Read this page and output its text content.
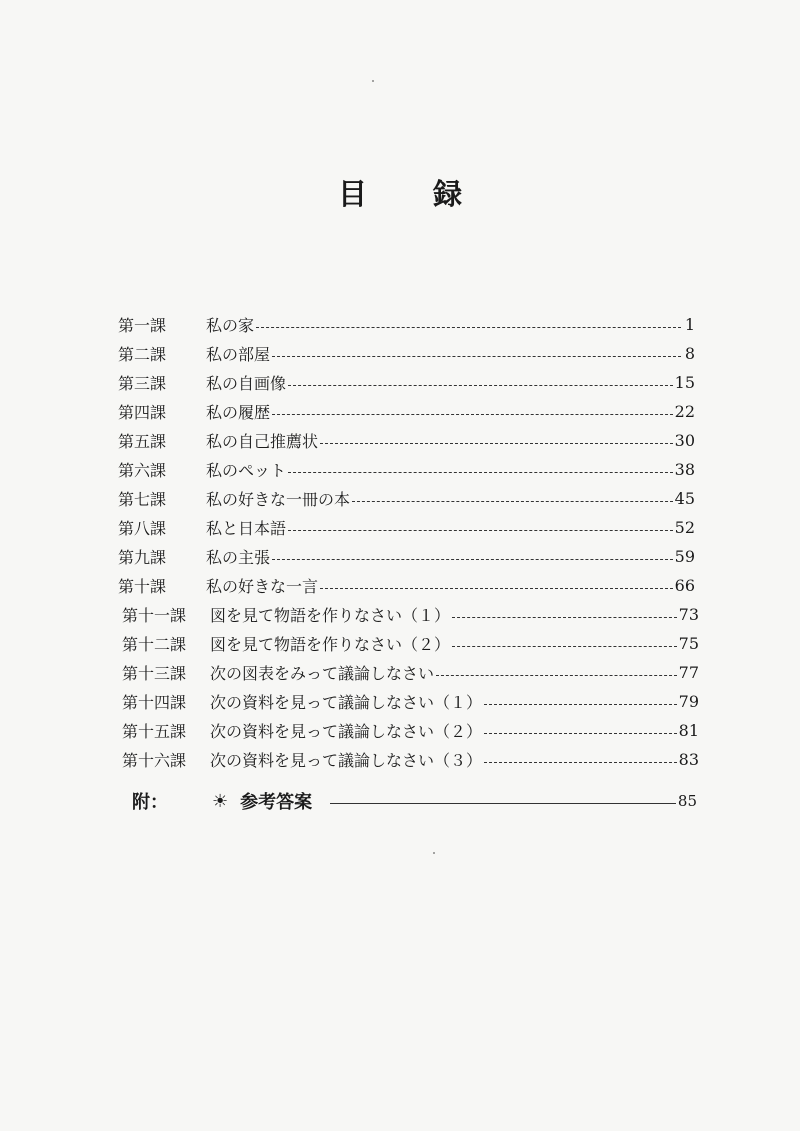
目 録
第一課	私の家	1
第二課	私の部屋	8
第三課	私の自画像	15
第四課	私の履歴	22
第五課	私の自己推薦状	30
第六課	私のペット	38
第七課	私の好きな一冊の本	45
第八課	私と日本語	52
第九課	私の主張	59
第十課	私の好きな一言	66
第十一課	図を見て物語を作りなさい（１）	73
第十二課	図を見て物語を作りなさい（２）	75
第十三課	次の図表をみって議論しなさい	77
第十四課	次の資料を見って議論しなさい（１）	79
第十五課	次の資料を見って議論しなさい（２）	81
第十六課	次の資料を見って議論しなさい（３）	83
附：	☀ 参考答案	85
